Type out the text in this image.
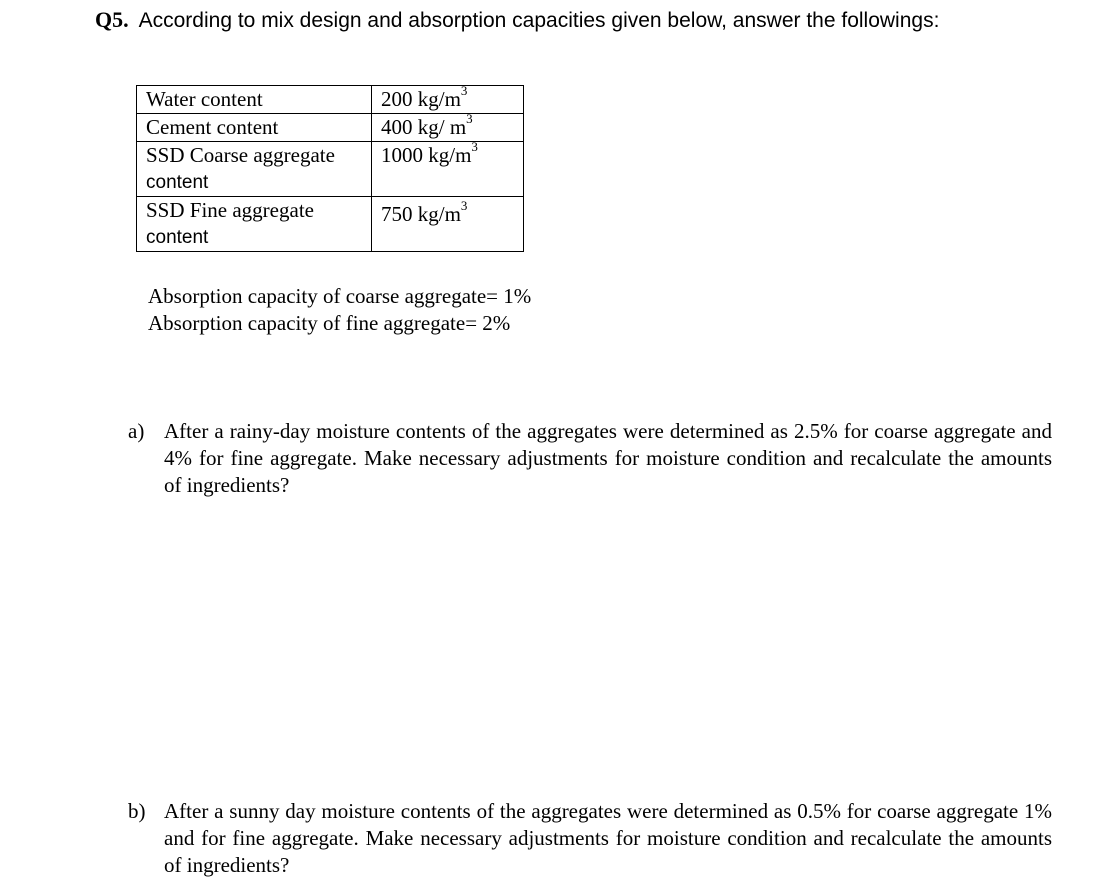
Q5. According to mix design and absorption capacities given below, answer the followings:
Water content	200 $kg/m^3$
Cement content	400 kg/ $m^3$

SSD Coarse aggregate
content	1000 $kg/m^3$

SSD Fine aggregate
content	750 $kg/m^3$
Absorption capacity of coarse aggregate= 1%
Absorption capacity of fine aggregate= 2%
a) After a rainy-day moisture contents of the aggregates were determined as 2.5% for coarse aggregate and 4% for fine aggregate. Make necessary adjustments for moisture condition and recalculate the amounts of ingredients?
b) After a sunny day moisture contents of the aggregates were determined as 0.5% for coarse aggregate 1% and for fine aggregate. Make necessary adjustments for moisture condition and recalculate the amounts of ingredients?
